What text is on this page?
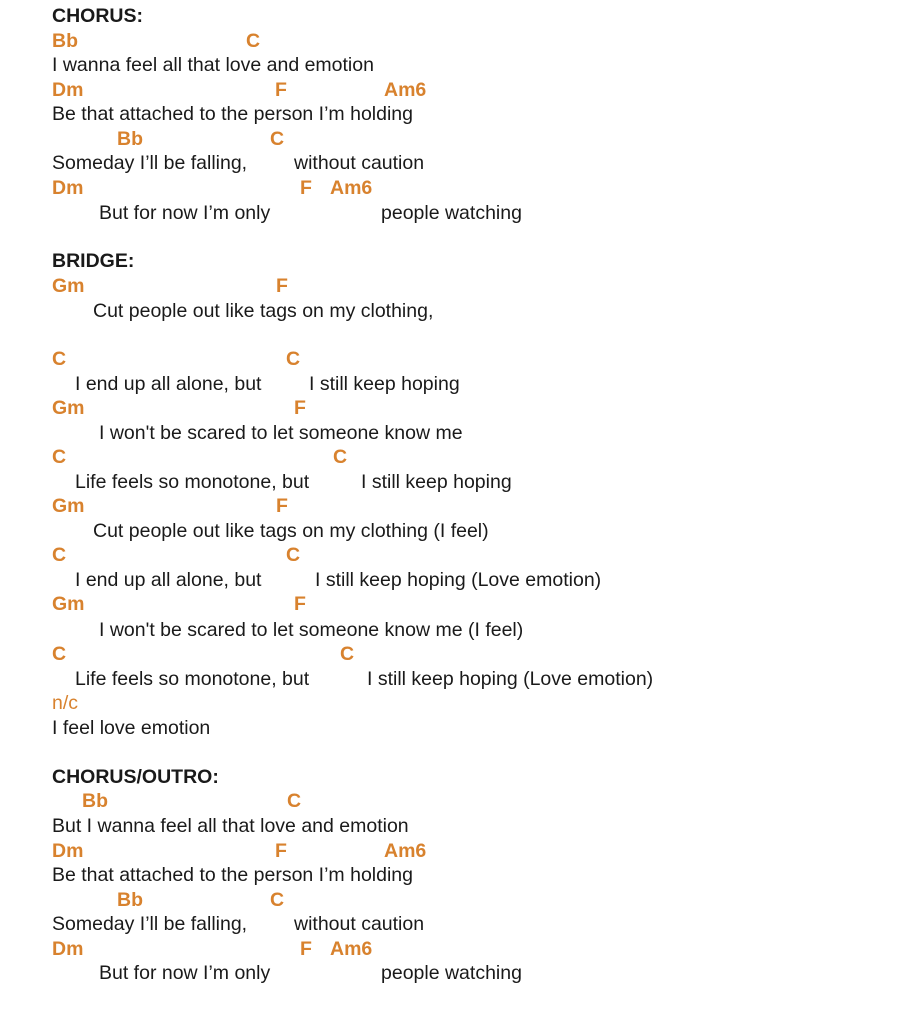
CHORUS:
Bb	C
I wanna feel all that love and emotion
Dm	F	Am6
Be that attached to the person I’m holding
Bb	C
Someday I’ll be falling, without caution
Dm	F Am6
But for now I’m only	people watching
BRIDGE:
Gm	F
Cut people out like tags on my clothing,
C	C
I end up all alone, but I still keep hoping
Gm	F
I won't be scared to let someone know me
C	C
Life feels so monotone, but	I still keep hoping
Gm	F
Cut people out like tags on my clothing (I feel)
C	C
I end up all alone, but	I still keep hoping (Love emotion)
Gm	F
I won't be scared to let someone know me (I feel)
C	C
Life feels so monotone, but	I still keep hoping (Love emotion)
n/c
I feel love emotion
CHORUS/OUTRO:
Bb	C
But I wanna feel all that love and emotion
Dm	F	Am6
Be that attached to the person I’m holding
Bb	C
Someday I’ll be falling, without caution
Dm	F Am6
But for now I’m only	people watching
